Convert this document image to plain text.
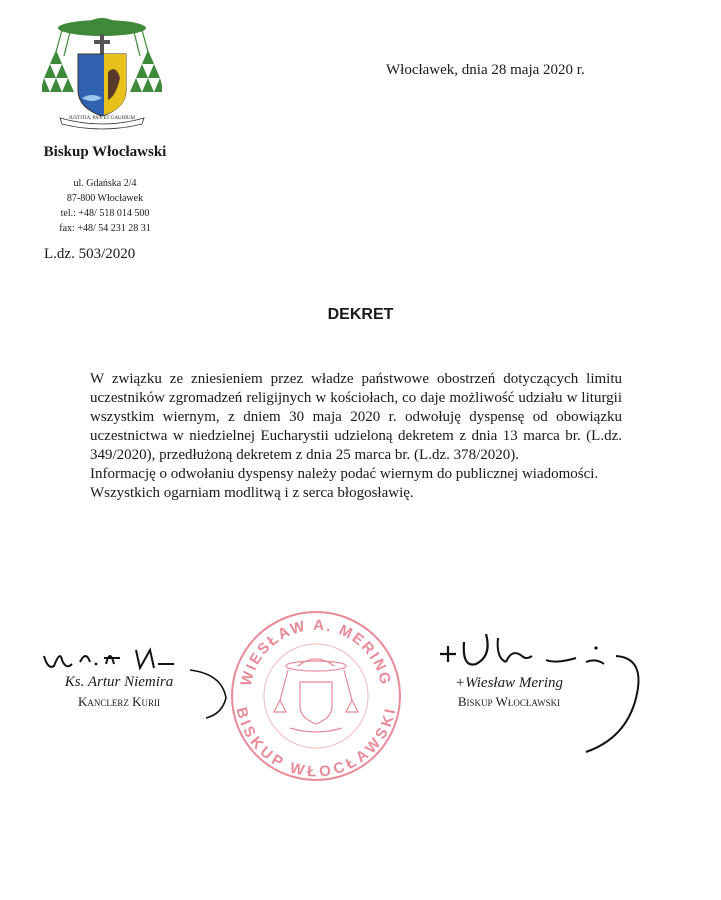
IUSTITIA, PAX ET GAUDIUM
Biskup Włocławski
ul. Gdańska 2/4
87-800 Włocławek
tel.: +48/ 518 014 500
fax: +48/ 54 231 28 31
L.dz. 503/2020
Włocławek, dnia 28 maja 2020 r.
DEKRET

W związku ze zniesieniem przez władze państwowe obostrzeń dotyczących limitu uczestników zgromadzeń religijnych w kościołach, co daje możliwość udziału w liturgii wszystkim wiernym, z dniem 30 maja 2020 r. odwołuję dyspensę od obowiązku uczestnictwa w niedzielnej Eucharystii udzieloną dekretem z dnia 13 marca br. (L.dz. 349/2020), przedłużoną dekretem z dnia 25 marca br. (L.dz. 378/2020).

Informację o odwołaniu dyspensy należy podać wiernym do publicznej wiadomości.

Wszystkich ogarniam modlitwą i z serca błogosławię.

WIESŁAW A. MERING
BISKUP WŁOCŁAWSKI
Ks. Artur Niemira
Kanclerz Kurii
+Wiesław Mering
Biskup Włocławski
